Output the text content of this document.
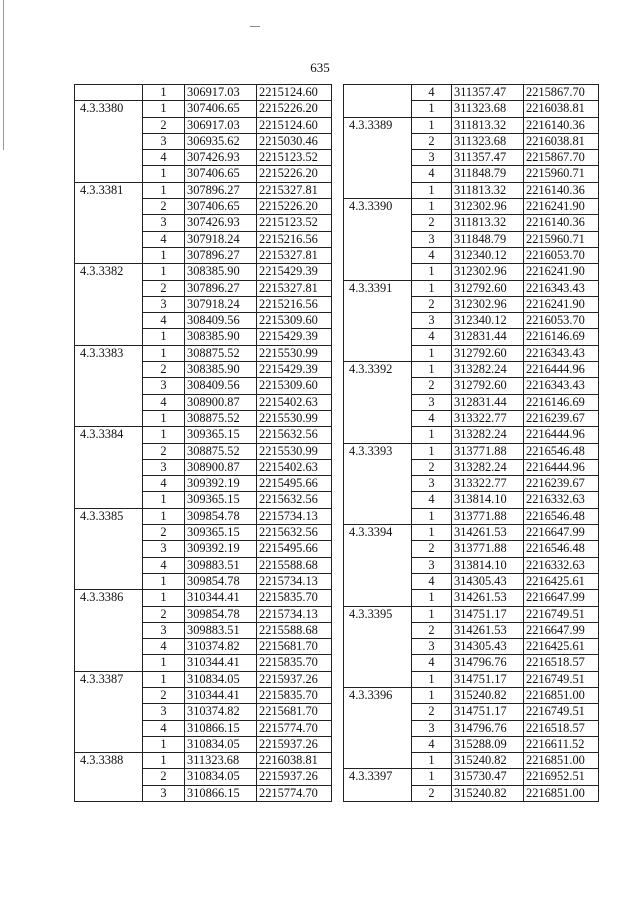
635
	1	306917.03	2215124.60
4.3.3380	1	307406.65	2215226.20
	2	306917.03	2215124.60
	3	306935.62	2215030.46
	4	307426.93	2215123.52
	1	307406.65	2215226.20
4.3.3381	1	307896.27	2215327.81
	2	307406.65	2215226.20
	3	307426.93	2215123.52
	4	307918.24	2215216.56
	1	307896.27	2215327.81
4.3.3382	1	308385.90	2215429.39
	2	307896.27	2215327.81
	3	307918.24	2215216.56
	4	308409.56	2215309.60
	1	308385.90	2215429.39
4.3.3383	1	308875.52	2215530.99
	2	308385.90	2215429.39
	3	308409.56	2215309.60
	4	308900.87	2215402.63
	1	308875.52	2215530.99
4.3.3384	1	309365.15	2215632.56
	2	308875.52	2215530.99
	3	308900.87	2215402.63
	4	309392.19	2215495.66
	1	309365.15	2215632.56
4.3.3385	1	309854.78	2215734.13
	2	309365.15	2215632.56
	3	309392.19	2215495.66
	4	309883.51	2215588.68
	1	309854.78	2215734.13
4.3.3386	1	310344.41	2215835.70
	2	309854.78	2215734.13
	3	309883.51	2215588.68
	4	310374.82	2215681.70
	1	310344.41	2215835.70
4.3.3387	1	310834.05	2215937.26
	2	310344.41	2215835.70
	3	310374.82	2215681.70
	4	310866.15	2215774.70
	1	310834.05	2215937.26
4.3.3388	1	311323.68	2216038.81
	2	310834.05	2215937.26
	3	310866.15	2215774.70
	4	311357.47	2215867.70
	1	311323.68	2216038.81
4.3.3389	1	311813.32	2216140.36
	2	311323.68	2216038.81
	3	311357.47	2215867.70
	4	311848.79	2215960.71
	1	311813.32	2216140.36
4.3.3390	1	312302.96	2216241.90
	2	311813.32	2216140.36
	3	311848.79	2215960.71
	4	312340.12	2216053.70
	1	312302.96	2216241.90
4.3.3391	1	312792.60	2216343.43
	2	312302.96	2216241.90
	3	312340.12	2216053.70
	4	312831.44	2216146.69
	1	312792.60	2216343.43
4.3.3392	1	313282.24	2216444.96
	2	312792.60	2216343.43
	3	312831.44	2216146.69
	4	313322.77	2216239.67
	1	313282.24	2216444.96
4.3.3393	1	313771.88	2216546.48
	2	313282.24	2216444.96
	3	313322.77	2216239.67
	4	313814.10	2216332.63
	1	313771.88	2216546.48
4.3.3394	1	314261.53	2216647.99
	2	313771.88	2216546.48
	3	313814.10	2216332.63
	4	314305.43	2216425.61
	1	314261.53	2216647.99
4.3.3395	1	314751.17	2216749.51
	2	314261.53	2216647.99
	3	314305.43	2216425.61
	4	314796.76	2216518.57
	1	314751.17	2216749.51
4.3.3396	1	315240.82	2216851.00
	2	314751.17	2216749.51
	3	314796.76	2216518.57
	4	315288.09	2216611.52
	1	315240.82	2216851.00
4.3.3397	1	315730.47	2216952.51
	2	315240.82	2216851.00
